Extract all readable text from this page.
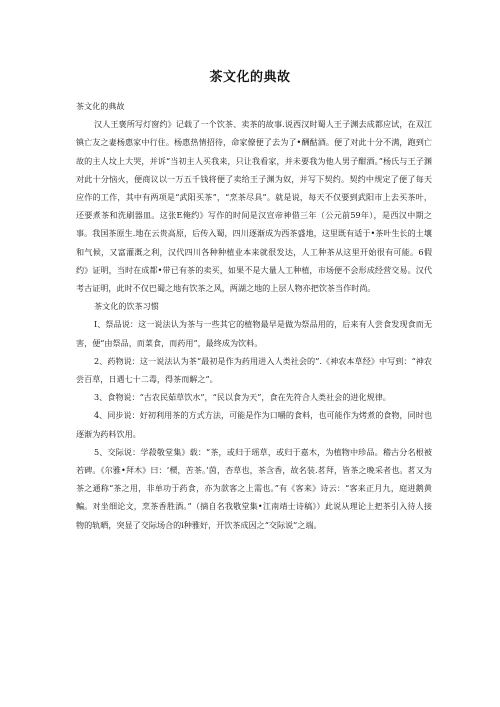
茶文化的典故

茶文化的典故

汉人王褒所写灯窗约》记载了一个饮茶、卖茶的故事.说西汉时蜀人王子渊去成都应试，在双江镇亡友之妻杨惠家中行住。杨惠热情招待，命家僚便了去为了•酬酤酒。便了对此十分不满，跑到亡故的主人坟上大哭，并诉“当初主人买我来，只让我看家，并未要我为他人男子酣酒。”杨氏与王子渊对此十分恼火，便商议以一万五千钱将便了卖给王子渊为奴，并写下契约。契约中规定了便了每天应作的工作，其中有两项是“武阳买茶”，“烹茶尽具”。就是说，每天不仅要到武阳市上去买茶叶，还要煮茶和洗刷器皿。这张E俺约》写作的时间是汉宣帝神借三年（公元前59年），是西汉中期之事。我国茶原生.地在云贵高原，后传入蜀，四川逐渐成为西茶盛地，这里既有适于•茶叶生长的土壤和气候，又富灌溉之利，汉代四川各种种植业本来就很发达，人工种茶从这里开始很有可能。6假约》证明，当时在成都•带已有茶的卖买，如果不是大量人工种植，市场便不会形成经营交易。汉代考古证明，此时不仅巴蜀之地有饮茶之风，两湖之地的上层人物亦把饮茶当作时尚。

茶文化的饮茶习惯

I、祭品说：这一说法认为茶与一些其它的植物最早是做为祭品用的，后来有人尝食发现食而无害，便“由祭品，而菜食，而药用”，最终成为饮料。

2、药物说：这一说法认为茶“最初是作为药用进入人类社会的”.《神农本草经》中写到：“神农尝百草，日遇七十二毒，得茶而解之”。

3、食物说：“古农民茹草饮水”，“民以食为天”，食在先符合人类社会的进化规律。

4、同步说：好初利用茶的方式方法，可能是作为口嚼的食料，也可能作为烤煮的食物，同时也逐渐为药料饮用。

5、交际说：学殺敬堂集》载：“茶，或归于瑶草，或归于嘉木，为植物中珍品。稽古分名根被若碑。《尔雅•拜木》曰：‘槚，苦茶。’茵，杏草也，茶含香，故名装.茗拜，皆茶之晚采者也。茗又为茶之通称“茶之用，非单功于药食，亦为款客之上需也。”有《客来》诗云：“客来正月九，庭进鹅黄鳊。对坐细论文，烹茶香胜酒。”（摘自名我敬堂集•江南靖士诗稿》）此说从理论上把茶引入待人接物的轨晒，突显了交际场合的i种雅好，开饮茶成因之“交际说”之端。
